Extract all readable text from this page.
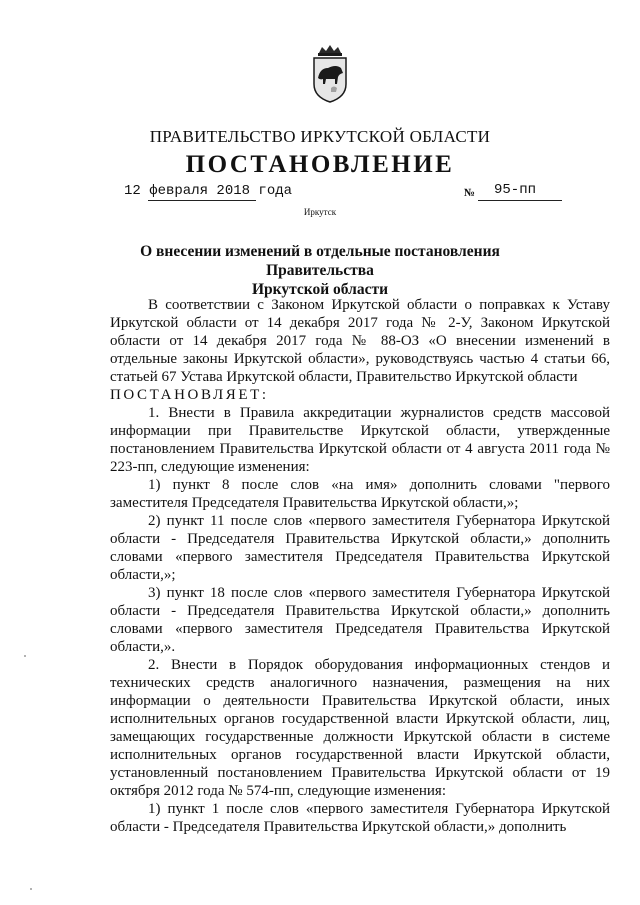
ПРАВИТЕЛЬСТВО ИРКУТСКОЙ ОБЛАСТИ
ПОСТАНОВЛЕНИЕ
12 февраля 2018 года	№ 95-пп
Иркутск
О внесении изменений в отдельные постановления Правительства
Иркутской области

В соответствии с Законом Иркутской области о поправках к Уставу Иркутской области от 14 декабря 2017 года № 2-У, Законом Иркутской области от 14 декабря 2017 года № 88-ОЗ «О внесении изменений в отдельные законы Иркутской области», руководствуясь частью 4 статьи 66, статьей 67 Устава Иркутской области, Правительство Иркутской области

ПОСТАНОВЛЯЕТ:

1. Внести в Правила аккредитации журналистов средств массовой информации при Правительстве Иркутской области, утвержденные постановлением Правительства Иркутской области от 4 августа 2011 года № 223-пп, следующие изменения:

1) пункт 8 после слов «на имя» дополнить словами "первого заместителя Председателя Правительства Иркутской области,»;

2) пункт 11 после слов «первого заместителя Губернатора Иркутской области - Председателя Правительства Иркутской области,» дополнить словами «первого заместителя Председателя Правительства Иркутской области,»;

3) пункт 18 после слов «первого заместителя Губернатора Иркутской области - Председателя Правительства Иркутской области,» дополнить словами «первого заместителя Председателя Правительства Иркутской области,».

2. Внести в Порядок оборудования информационных стендов и технических средств аналогичного назначения, размещения на них информации о деятельности Правительства Иркутской области, иных исполнительных органов государственной власти Иркутской области, лиц, замещающих государственные должности Иркутской области в системе исполнительных органов государственной власти Иркутской области, установленный постановлением Правительства Иркутской области от 19 октября 2012 года № 574-пп, следующие изменения:

1) пункт 1 после слов «первого заместителя Губернатора Иркутской области - Председателя Правительства Иркутской области,» дополнить
